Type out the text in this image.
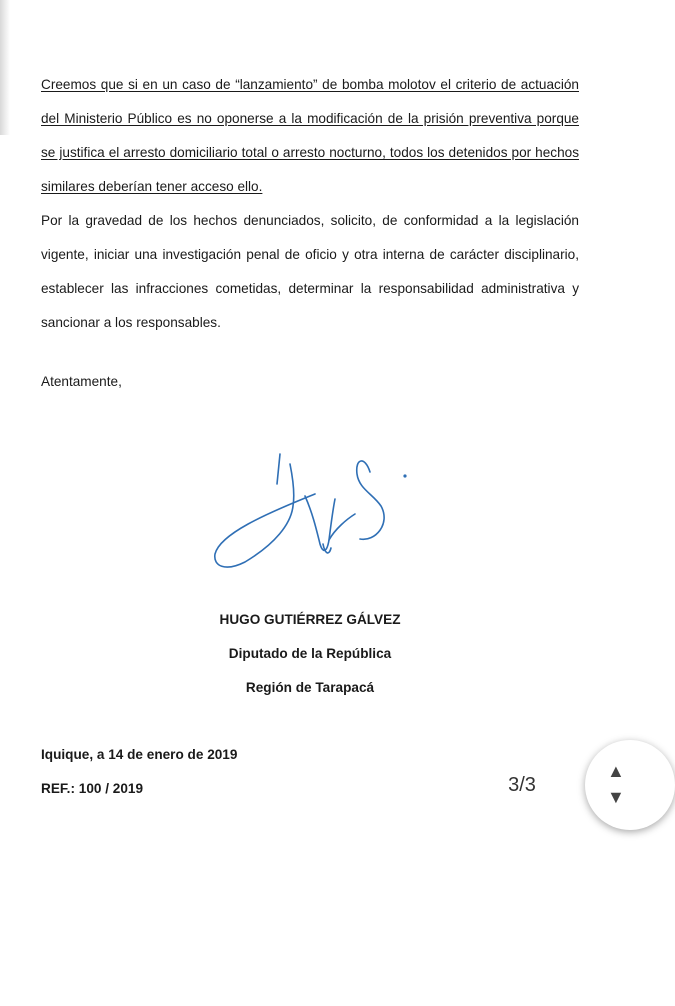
Creemos que si en un caso de “lanzamiento” de bomba molotov el criterio de actuación del Ministerio Público es no oponerse a la modificación de la prisión preventiva porque se justifica el arresto domiciliario total o arresto nocturno, todos los detenidos por hechos similares deberían tener acceso ello.
Por la gravedad de los hechos denunciados, solicito, de conformidad a la legislación vigente, iniciar una investigación penal de oficio y otra interna de carácter disciplinario, establecer las infracciones cometidas, determinar la responsabilidad administrativa y sancionar a los responsables.
Atentamente,
HUGO GUTIÉRREZ GÁLVEZ
Diputado de la República
Región de Tarapacá
Iquique, a 14 de enero de 2019
REF.: 100 / 2019	3/3
▲
▼
